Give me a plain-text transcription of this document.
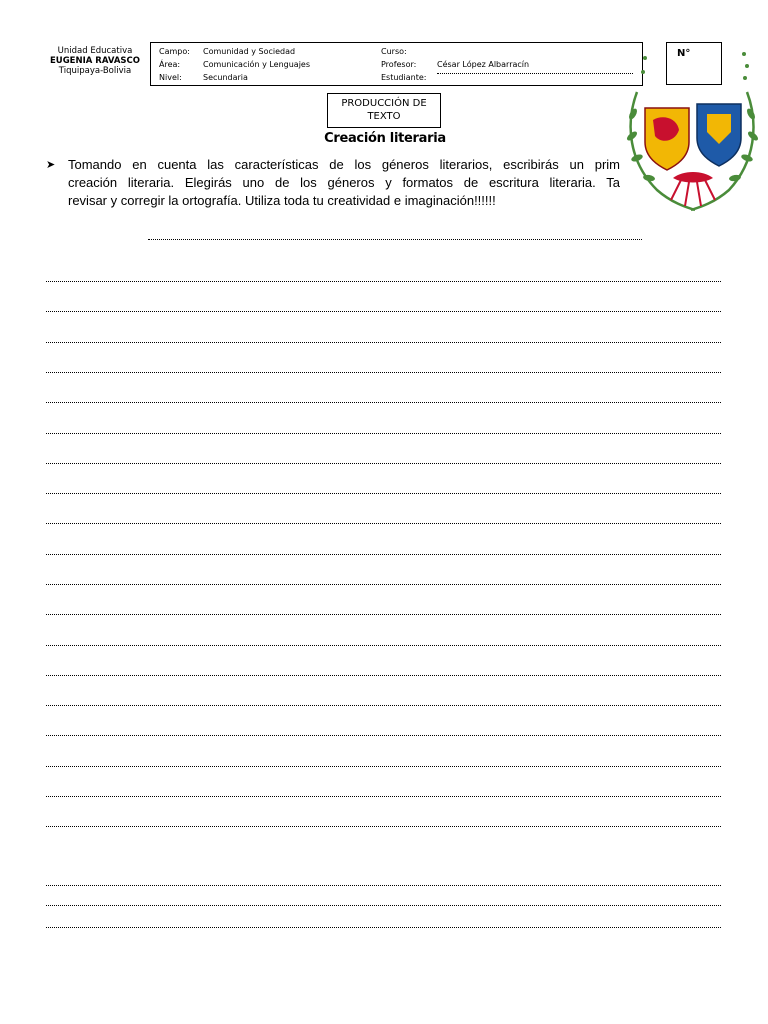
Unidad Educativa
EUGENIA RAVASCO
Tiquipaya-Bolivia
Campo: Comunidad y Sociedad	Curso:
Área:	Comunicación y Lenguajes	Profesor:	César López Albarracín
Nivel:	Secundaria	Estudiante:
N°
PRODUCCIÓN DE
TEXTO
Creación literaria
➤ Tomando en cuenta las características de los géneros literarios, escribirás un prim
creación literaria. Elegirás uno de los géneros y formatos de escritura literaria. Ta
revisar y corregir la ortografía. Utiliza toda tu creatividad e imaginación!!!!!!
